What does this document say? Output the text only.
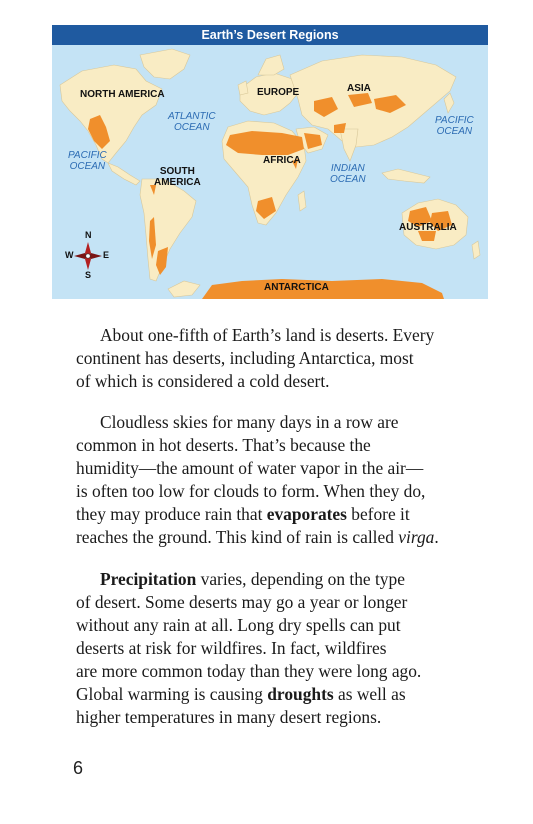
Earth’s Desert Regions
NORTH AMERICA	EUROPE	ASIA
ATLANTIC
OCEAN
PACIFIC
OCEAN
PACIFIC
OCEAN
AFRICA
SOUTH
AMERICA
INDIAN
OCEAN
AUSTRALIA
ANTARCTICA
N
S
W	E

About one-fifth of Earth’s land is deserts. Every

continent has deserts, including Antarctica, most

of which is considered a cold desert.

Cloudless skies for many days in a row are

common in hot deserts. That’s because the

humidity—the amount of water vapor in the air—

is often too low for clouds to form. When they do,

they may produce rain that evaporates before it

reaches the ground. This kind of rain is called virga.

Precipitation varies, depending on the type

of desert. Some deserts may go a year or longer

without any rain at all. Long dry spells can put

deserts at risk for wildfires. In fact, wildfires

are more common today than they were long ago.

Global warming is causing droughts as well as

higher temperatures in many desert regions.

6
